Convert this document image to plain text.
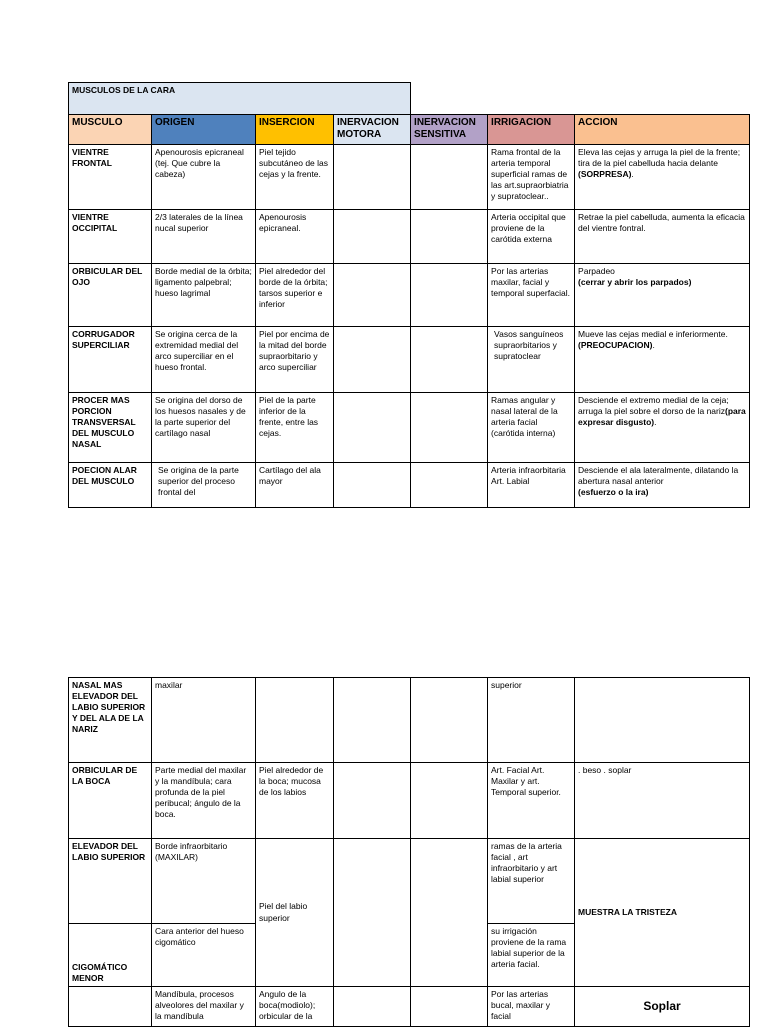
MUSCULOS DE LA CARA						
MUSCULO	ORIGEN	INSERCION	INERVACION MOTORA	INERVACION SENSITIVA	IRRIGACION	ACCION
VIENTRE FRONTAL	Apenourosis epicraneal (tej. Que cubre la cabeza)	Piel tejido subcutáneo de las cejas y la frente.			Rama frontal de la arteria temporal superficial ramas de las art.supraorbiatria y supratoclear..	Eleva las cejas y arruga la piel de la frente; tira de la piel cabelluda hacia delante (SORPRESA).
VIENTRE OCCIPITAL	2/3 laterales de la línea nucal superior	Apenourosis epicraneal.			Arteria occipital que proviene de la carótida externa	Retrae la piel cabelluda, aumenta la eficacia del vientre fontral.
ORBICULAR DEL OJO	Borde medial de la órbita; ligamento palpebral; hueso lagrimal	Piel alrededor del borde de la órbita; tarsos superior e inferior			Por las arterias maxilar, facial y temporal superfacial.	Parpadeo
(cerrar y abrir los parpados)

CORRUGADOR SUPERCILIAR	Se origina cerca de la extremidad medial del arco superciliar en el hueso frontal.	Piel por encima de la mitad del borde supraorbitario y arco superciliar			Vasos sanguíneos supraorbitarios y supratoclear	Mueve las cejas medial e inferiormente.(PREOCUPACION).
PROCER MAS PORCION TRANSVERSAL DEL MUSCULO NASAL	Se origina del dorso de los huesos nasales y de la parte superior del cartílago nasal	Piel de la parte inferior de la frente, entre las cejas.			Ramas angular y nasal lateral de la arteria facial (carótida interna)	Desciende el extremo medial de la ceja; arruga la piel sobre el dorso de la nariz(para expresar disgusto).
POECION ALAR DEL MUSCULO	Se origina de la parte superior del proceso frontal del	Cartílago del ala mayor			Arteria infraorbitaria Art. Labial	Desciende el ala lateralmente, dilatando la abertura nasal anterior
(esfuerzo o la ira)
NASAL MAS ELEVADOR DEL LABIO SUPERIOR Y DEL ALA DE LA NARIZ	maxilar				superior	
ORBICULAR DE LA BOCA	Parte medial del maxilar y la mandíbula; cara profunda de la piel peribucal; ángulo de la boca.	Piel alrededor de la boca; mucosa de los labios			Art. Facial Art. Maxilar y art. Temporal superior.	. beso . soplar
ELEVADOR DEL LABIO SUPERIOR	Borde infraorbitario (MAXILAR)	Piel del labio superior			ramas de la arteria facial , art infraorbitario y art labial superior	MUESTRA LA TRISTEZA
CIGOMÁTICO MENOR	Cara anterior del hueso cigomático				su irrigación proviene de la rama labial superior de la arteria facial.	
	Mandíbula, procesos alveolores del maxilar y la mandíbula	Angulo de la boca(modiolo); orbicular de la			Por las arterias bucal, maxilar y facial	Soplar
